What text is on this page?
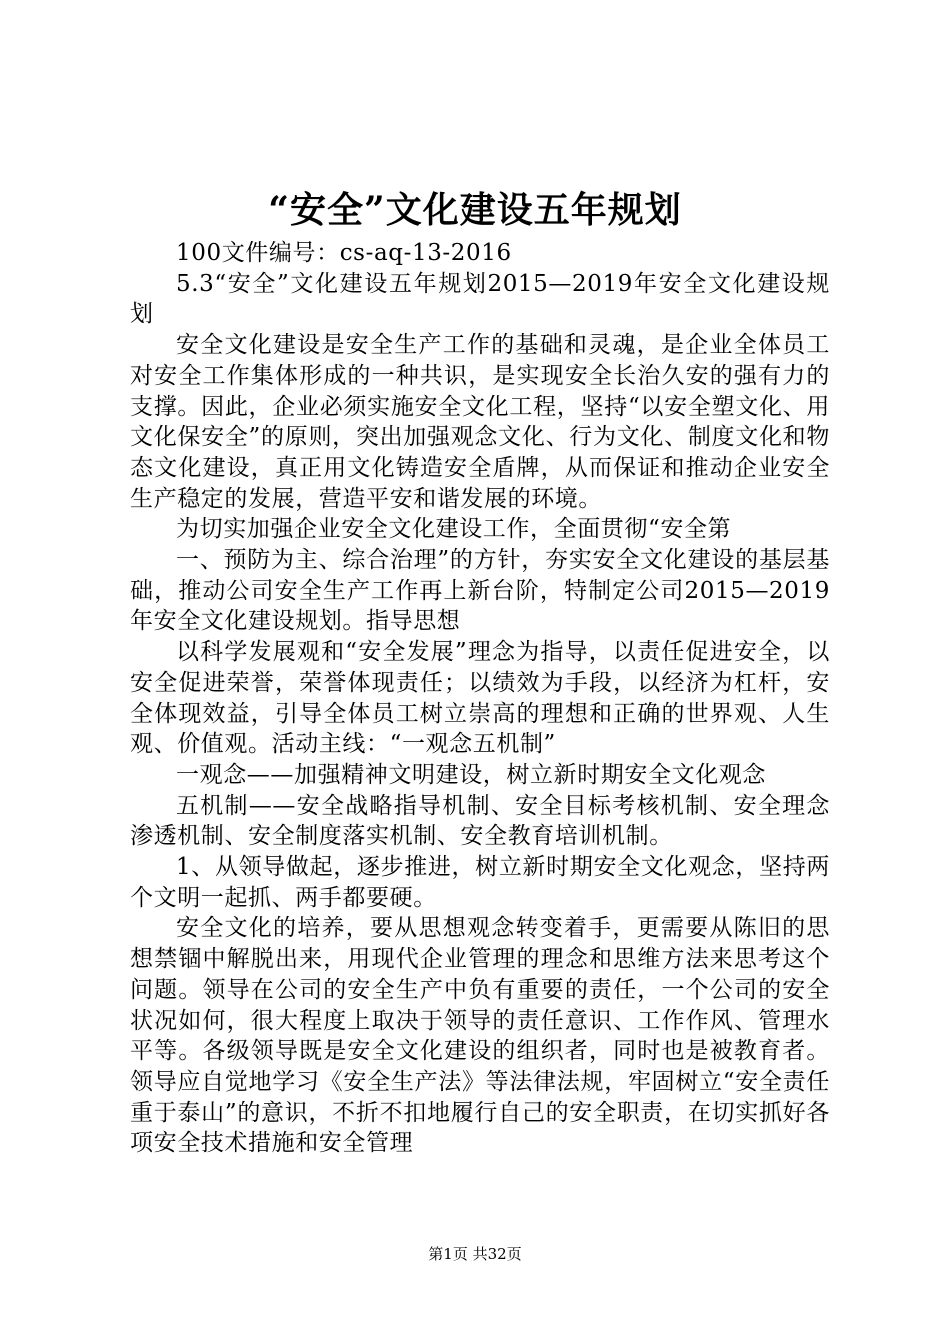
“安全”文化建设五年规划

100文件编号：cs-aq-13-2016

5.3“安全”文化建设五年规划2015—2019年安全文化建设规划

安全文化建设是安全生产工作的基础和灵魂，是企业全体员工对安全工作集体形成的一种共识，是实现安全长治久安的强有力的支撑。因此，企业必须实施安全文化工程，坚持“以安全塑文化、用文化保安全”的原则，突出加强观念文化、行为文化、制度文化和物态文化建设，真正用文化铸造安全盾牌，从而保证和推动企业安全生产稳定的发展，营造平安和谐发展的环境。

为切实加强企业安全文化建设工作，全面贯彻“安全第

一、预防为主、综合治理”的方针，夯实安全文化建设的基层基础，推动公司安全生产工作再上新台阶，特制定公司2015—2019年安全文化建设规划。指导思想

以科学发展观和“安全发展”理念为指导，以责任促进安全，以安全促进荣誉，荣誉体现责任；以绩效为手段，以经济为杠杆，安全体现效益，引导全体员工树立崇高的理想和正确的世界观、人生观、价值观。活动主线：“一观念五机制”

一观念——加强精神文明建设，树立新时期安全文化观念

五机制——安全战略指导机制、安全目标考核机制、安全理念渗透机制、安全制度落实机制、安全教育培训机制。

1、从领导做起，逐步推进，树立新时期安全文化观念，坚持两个文明一起抓、两手都要硬。

安全文化的培养，要从思想观念转变着手，更需要从陈旧的思想禁锢中解脱出来，用现代企业管理的理念和思维方法来思考这个问题。领导在公司的安全生产中负有重要的责任，一个公司的安全状况如何，很大程度上取决于领导的责任意识、工作作风、管理水平等。各级领导既是安全文化建设的组织者，同时也是被教育者。领导应自觉地学习《安全生产法》等法律法规，牢固树立“安全责任重于泰山”的意识，不折不扣地履行自己的安全职责，在切实抓好各项安全技术措施和安全管理

第1页 共32页
